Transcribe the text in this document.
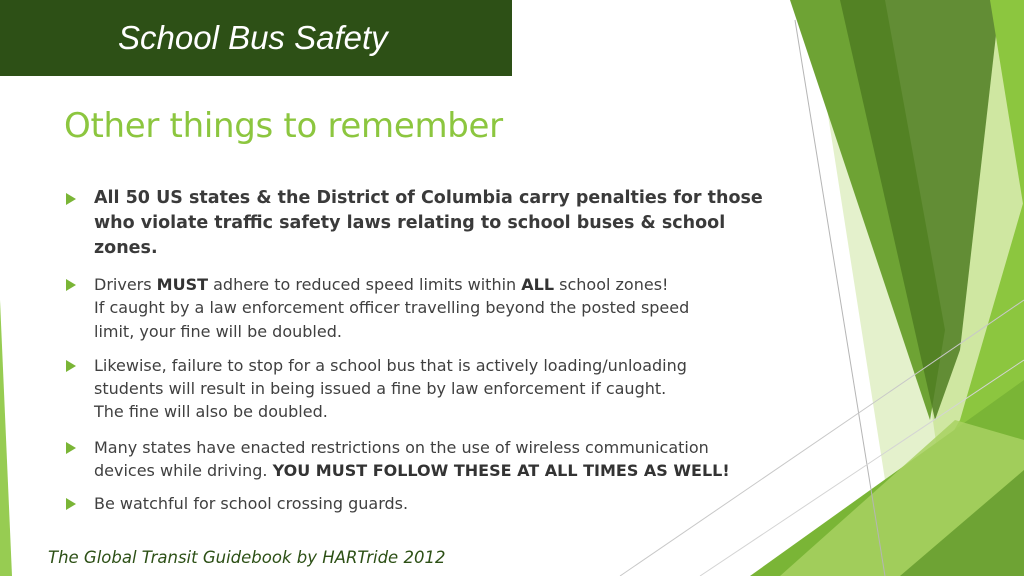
School Bus Safety
Other things to remember
All 50 US states & the District of Columbia carry penalties for those
who violate traffic safety laws relating to school buses & school
zones.
Drivers MUST adhere to reduced speed limits within ALL school zones!
If caught by a law enforcement officer travelling beyond the posted speed
limit, your fine will be doubled.
Likewise, failure to stop for a school bus that is actively loading/unloading
students will result in being issued a fine by law enforcement if caught.
The fine will also be doubled.
Many states have enacted restrictions on the use of wireless communication
devices while driving. YOU MUST FOLLOW THESE AT ALL TIMES AS WELL!
Be watchful for school crossing guards.

The Global Transit Guidebook by HARTride 2012
